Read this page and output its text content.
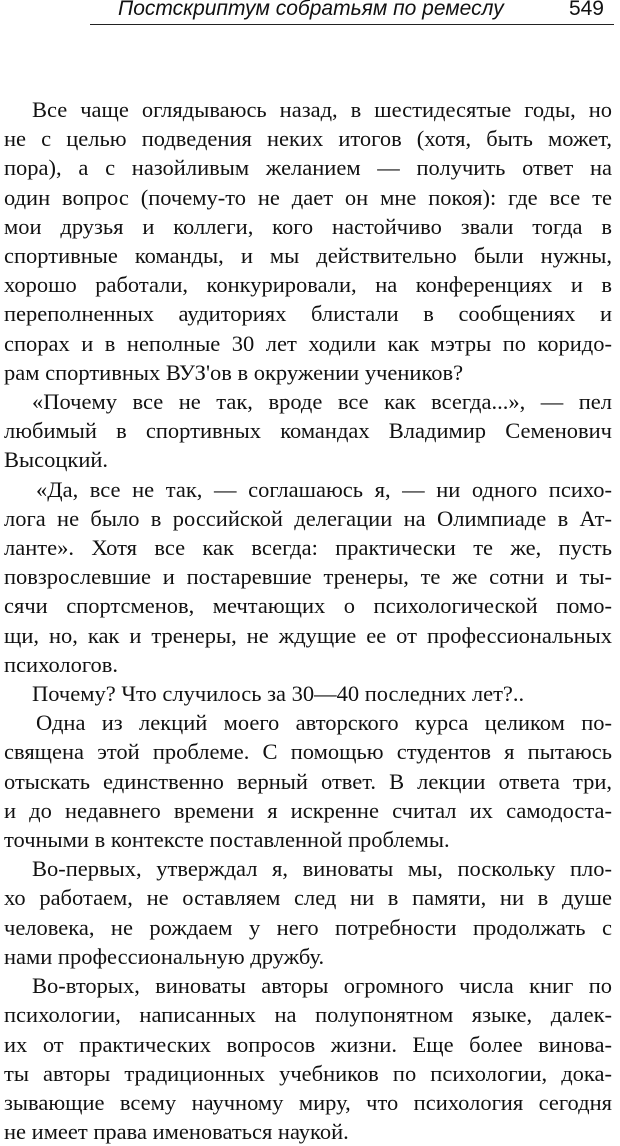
Постскриптум собратьям по ремеслу	549
Все чаще оглядываюсь назад, в шестидесятые годы, но
не с целью подведения неких итогов (хотя, быть может,
пора), а с назойливым желанием — получить ответ на
один вопрос (почему-то не дает он мне покоя): где все те
мои друзья и коллеги, кого настойчиво звали тогда в
спортивные команды, и мы действительно были нужны,
хорошо работали, конкурировали, на конференциях и в
переполненных аудиториях блистали в сообщениях и
спорах и в неполные 30 лет ходили как мэтры по коридо-
рам спортивных ВУЗ'ов в окружении учеников?
«Почему все не так, вроде все как всегда...», — пел
любимый в спортивных командах Владимир Семенович
Высоцкий.
«Да, все не так, — соглашаюсь я, — ни одного психо-
лога не было в российской делегации на Олимпиаде в Ат-
ланте». Хотя все как всегда: практически те же, пусть
повзрослевшие и постаревшие тренеры, те же сотни и ты-
сячи спортсменов, мечтающих о психологической помо-
щи, но, как и тренеры, не ждущие ее от профессиональных
психологов.
Почему? Что случилось за 30—40 последних лет?..
Одна из лекций моего авторского курса целиком по-
священа этой проблеме. С помощью студентов я пытаюсь
отыскать единственно верный ответ. В лекции ответа три,
и до недавнего времени я искренне считал их самодоста-
точными в контексте поставленной проблемы.
Во-первых, утверждал я, виноваты мы, поскольку пло-
хо работаем, не оставляем след ни в памяти, ни в душе
человека, не рождаем у него потребности продолжать с
нами профессиональную дружбу.
Во-вторых, виноваты авторы огромного числа книг по
психологии, написанных на полупонятном языке, далек-
их от практических вопросов жизни. Еще более винова-
ты авторы традиционных учебников по психологии, дока-
зывающие всему научному миру, что психология сегодня
не имеет права именоваться наукой.
